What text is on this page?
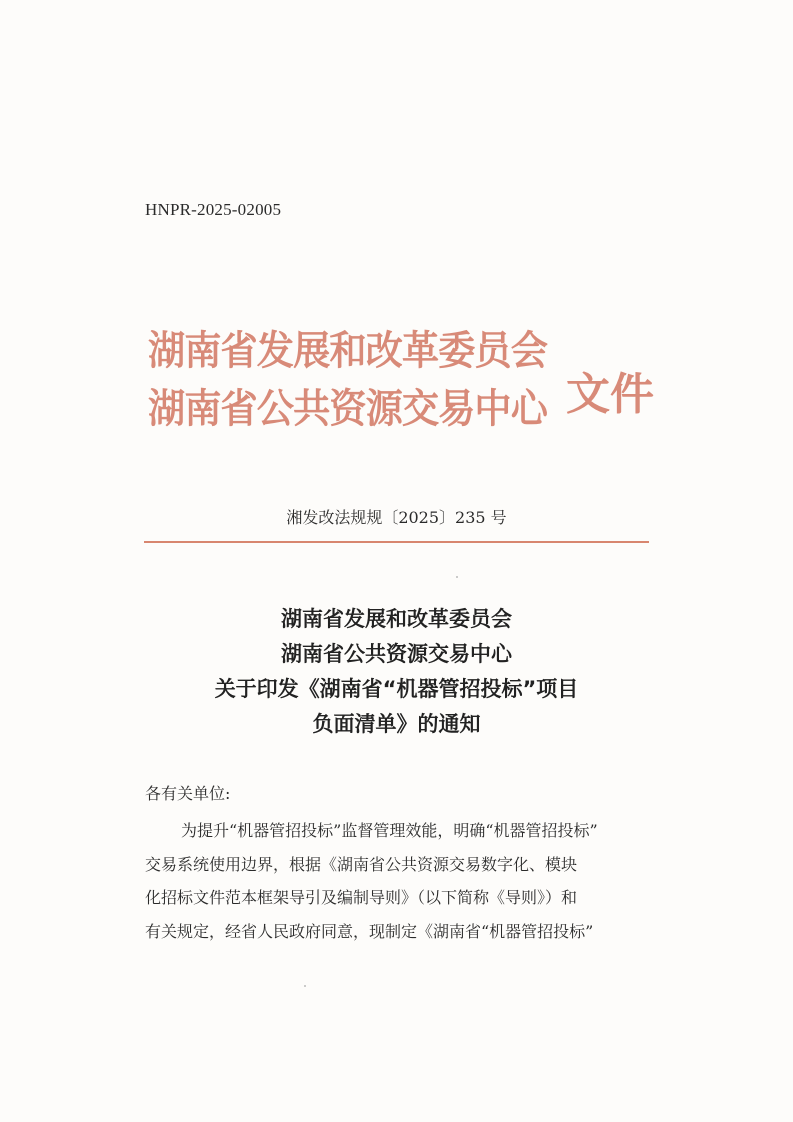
HNPR-2025-02005
湖南省发展和改革委员会
湖南省公共资源交易中心 文件
湘发改法规规〔2025〕235 号
湖南省发展和改革委员会
湖南省公共资源交易中心
关于印发《湖南省“机器管招投标”项目
负面清单》的通知
各有关单位:
为提升“机器管招投标”监督管理效能，明确“机器管招投标”
交易系统使用边界，根据《湖南省公共资源交易数字化、模块
化招标文件范本框架导引及编制导则》（以下简称《导则》）和
有关规定，经省人民政府同意，现制定《湖南省“机器管招投标”
